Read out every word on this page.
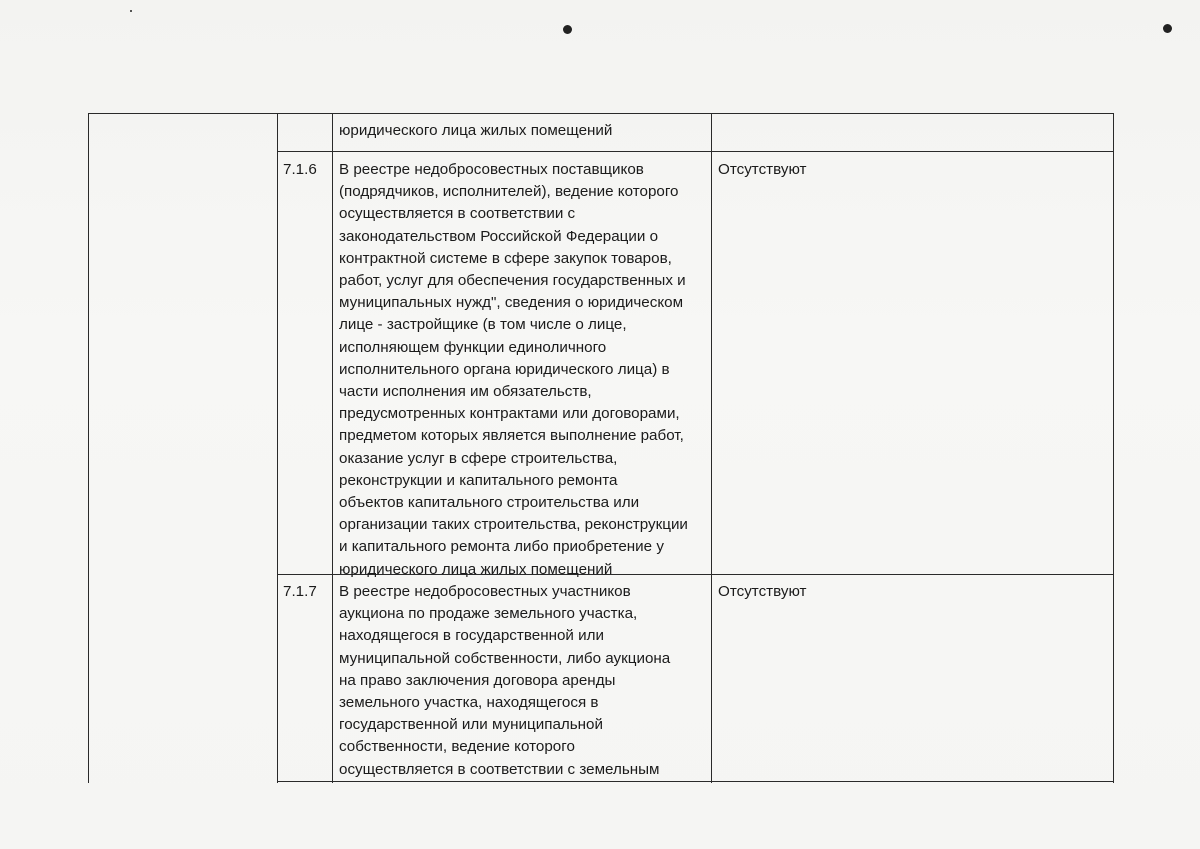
юридического лица жилых помещений
7.1.6 В реестре недобросовестных поставщиков
(подрядчиков, исполнителей), ведение которого
осуществляется в соответствии с
законодательством Российской Федерации о
контрактной системе в сфере закупок товаров,
работ, услуг для обеспечения государственных и
муниципальных нужд", сведения о юридическом
лице - застройщике (в том числе о лице,
исполняющем функции единоличного
исполнительного органа юридического лица) в
части исполнения им обязательств,
предусмотренных контрактами или договорами,
предметом которых является выполнение работ,
оказание услуг в сфере строительства,
реконструкции и капитального ремонта
объектов капитального строительства или
организации таких строительства, реконструкции
и капитального ремонта либо приобретение у
юридического лица жилых помещений
Отсутствуют
7.1.7 В реестре недобросовестных участников
аукциона по продаже земельного участка,
находящегося в государственной или
муниципальной собственности, либо аукциона
на право заключения договора аренды
земельного участка, находящегося в
государственной или муниципальной
собственности, ведение которого
осуществляется в соответствии с земельным
Отсутствуют
